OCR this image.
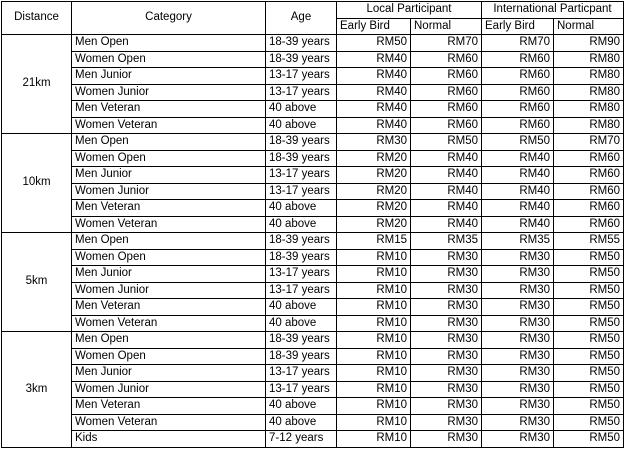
Distance	Category	Age	Local Participant		International Particpant	
			Early Bird	Normal	Early Bird	Normal
21km	Men Open	18-39 years	RM50	RM70	RM70	RM90
	Women Open	18-39 years	RM40	RM60	RM60	RM80
	Men Junior	13-17 years	RM40	RM60	RM60	RM80
	Women Junior	13-17 years	RM40	RM60	RM60	RM80
	Men Veteran	40 above	RM40	RM60	RM60	RM80
	Women Veteran	40 above	RM40	RM60	RM60	RM80
10km	Men Open	18-39 years	RM30	RM50	RM50	RM70
	Women Open	18-39 years	RM20	RM40	RM40	RM60
	Men Junior	13-17 years	RM20	RM40	RM40	RM60
	Women Junior	13-17 years	RM20	RM40	RM40	RM60
	Men Veteran	40 above	RM20	RM40	RM40	RM60
	Women Veteran	40 above	RM20	RM40	RM40	RM60
5km	Men Open	18-39 years	RM15	RM35	RM35	RM55
	Women Open	18-39 years	RM10	RM30	RM30	RM50
	Men Junior	13-17 years	RM10	RM30	RM30	RM50
	Women Junior	13-17 years	RM10	RM30	RM30	RM50
	Men Veteran	40 above	RM10	RM30	RM30	RM50
	Women Veteran	40 above	RM10	RM30	RM30	RM50
3km	Men Open	18-39 years	RM10	RM30	RM30	RM50
	Women Open	18-39 years	RM10	RM30	RM30	RM50
	Men Junior	13-17 years	RM10	RM30	RM30	RM50
	Women Junior	13-17 years	RM10	RM30	RM30	RM50
	Men Veteran	40 above	RM10	RM30	RM30	RM50
	Women Veteran	40 above	RM10	RM30	RM30	RM50
	Kids	7-12 years	RM10	RM30	RM30	RM50
